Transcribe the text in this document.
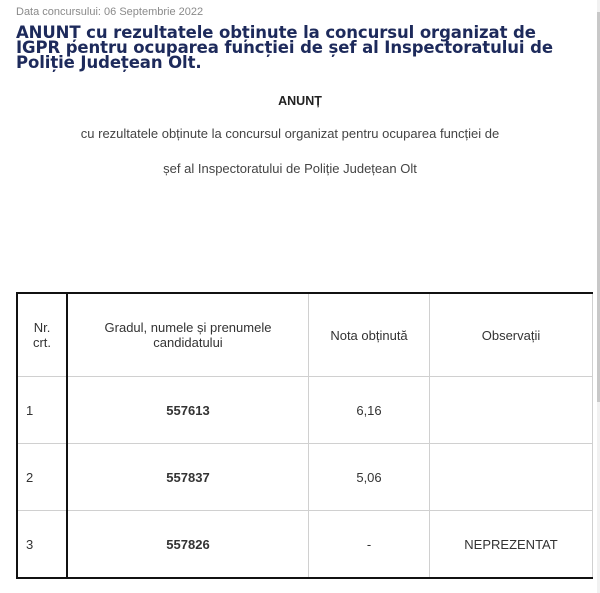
Data concursului: 06 Septembrie 2022
ANUNȚ cu rezultatele obținute la concursul organizat de IGPR pentru ocuparea funcției de șef al Inspectoratului de Poliție Județean Olt.
ANUNȚ
cu rezultatele obținute la concursul organizat pentru ocuparea funcției de
șef al Inspectoratului de Poliție Județean Olt
Nr. crt.	Gradul, numele și prenumele candidatului	Nota obținută	Observații
1	557613	6,16	
2	557837	5,06	
3	557826	-	NEPREZENTAT
